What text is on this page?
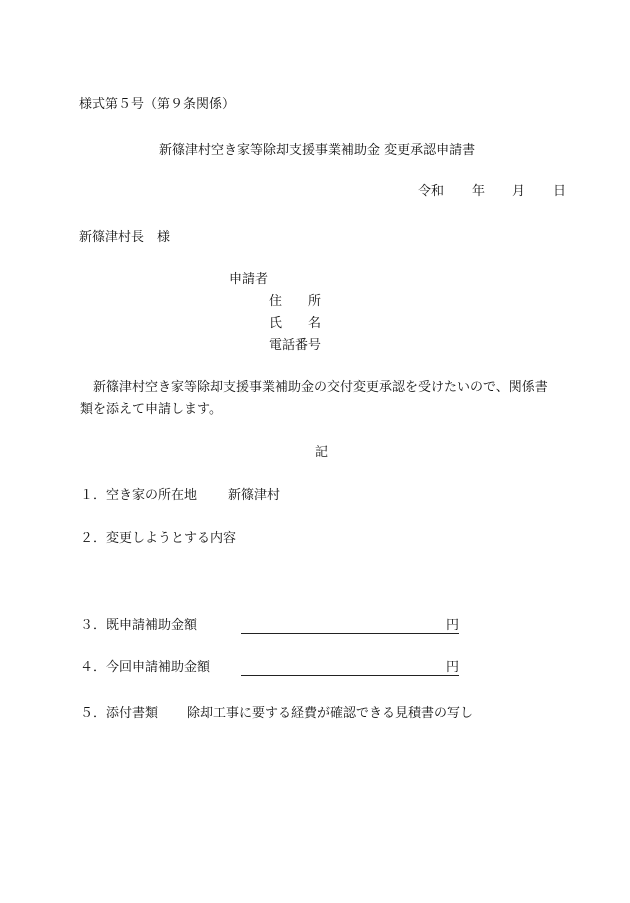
様式第５号（第９条関係）
新篠津村空き家等除却支援事業補助金 変更承認申請書
令和 年 月 日
新篠津村長　様
申請者
住　　所
氏　　名
電話番号
新篠津村空き家等除却支援事業補助金の交付変更承認を受けたいので、関係書類を添えて申請します。
記
１． 空き家の所在地 新篠津村
２． 変更しようとする内容
３． 既申請補助金額	円
４． 今回申請補助金額	円
５． 添付書類 除却工事に要する経費が確認できる見積書の写し
